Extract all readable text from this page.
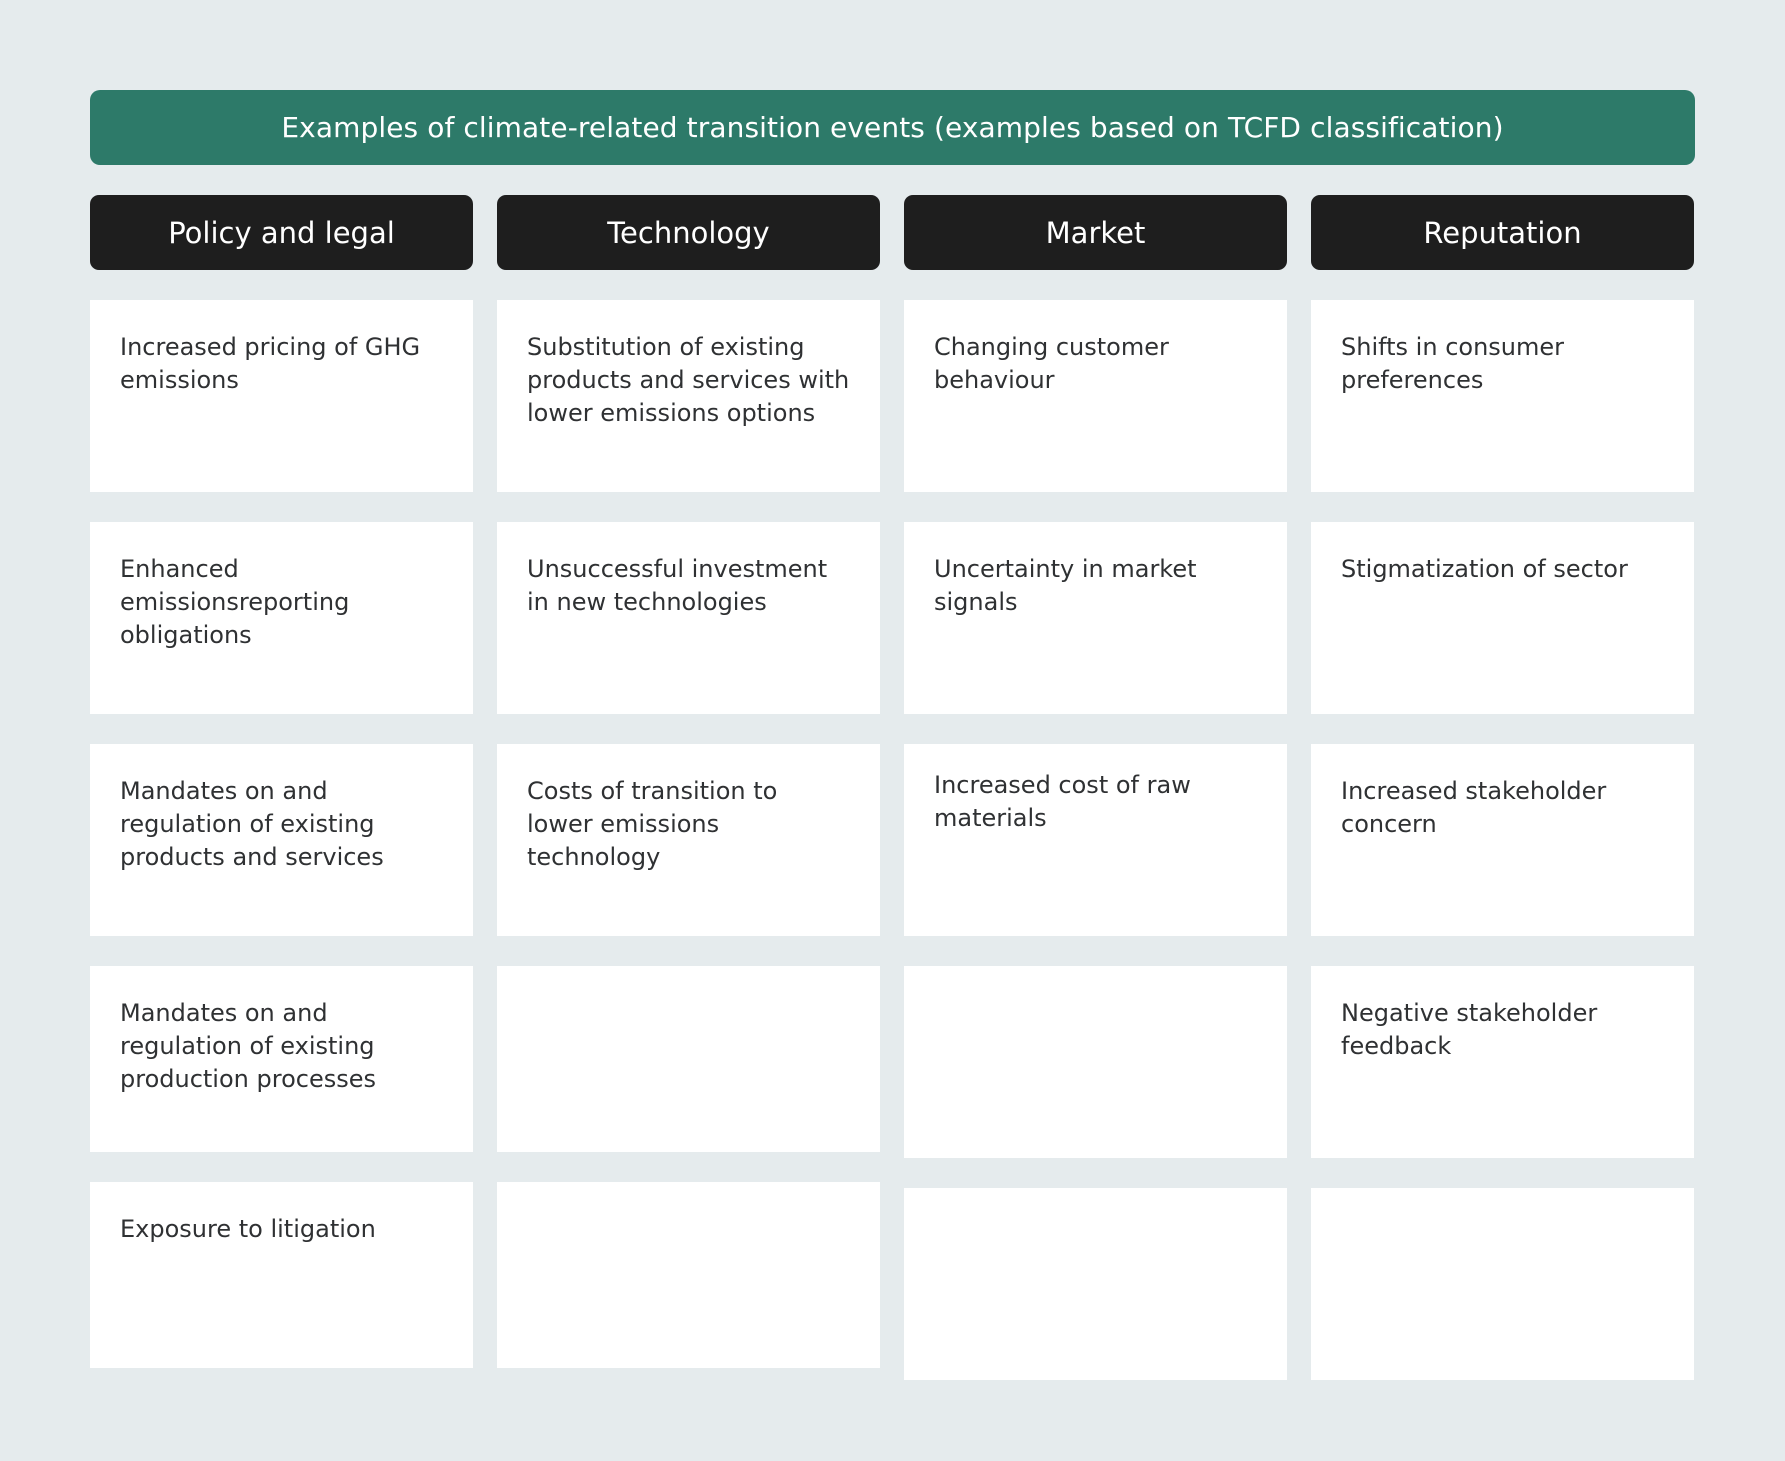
Examples of climate-related transition events (examples based on TCFD classification)
Policy and legal
Increased pricing of GHG emissions
Enhanced emissionsreporting obligations
Mandates on and regulation of existing products and services
Mandates on and regulation of existing production processes
Exposure to litigation
Technology
Substitution of existing products and services with lower emissions options
Unsuccessful investment in new technologies
Costs of transition to lower emissions technology
Market
Changing customer behaviour
Uncertainty in market signals
Increased cost of raw materials
Reputation
Shifts in consumer preferences
Stigmatization of sector
Increased stakeholder concern
Negative stakeholder feedback
